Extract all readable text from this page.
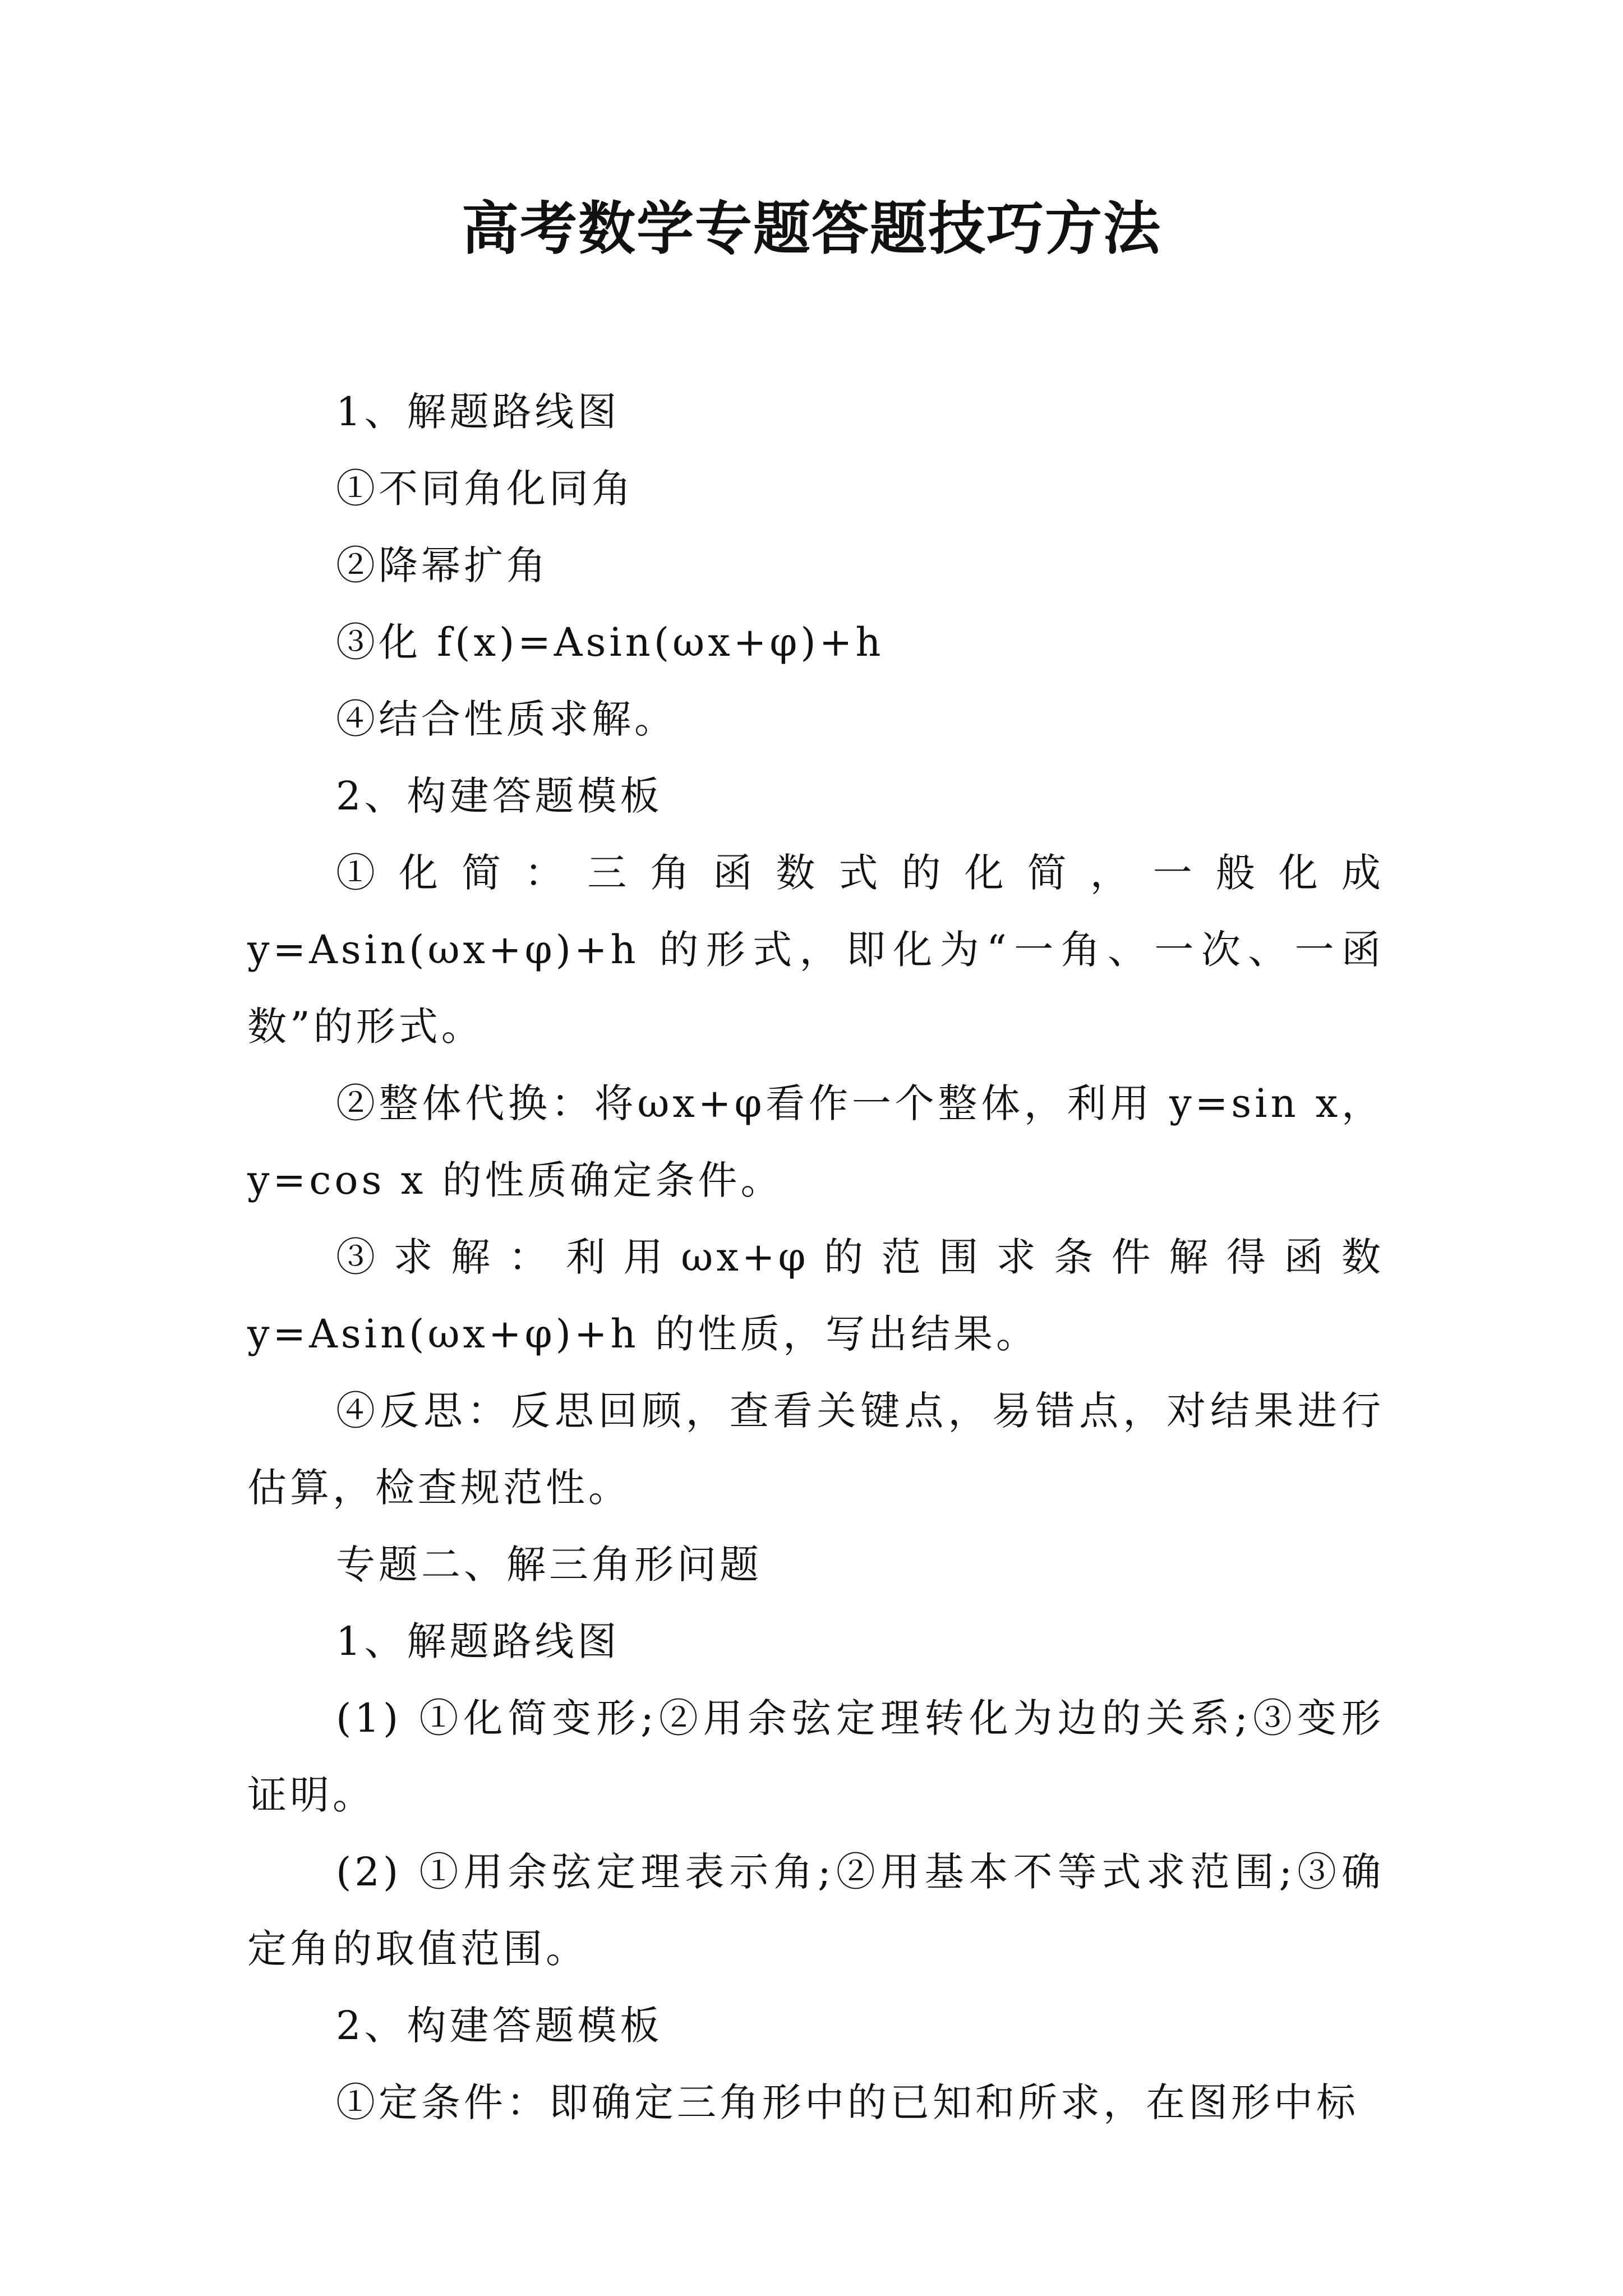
高考数学专题答题技巧方法

1、解题路线图

①不同角化同角

②降幂扩角

③化 f(x)=Asin(ωx+φ)+h

④结合性质求解。

2、构建答题模板

①化简：三角函数式的化简，一般化成 y=Asin(ωx+φ)+h 的形式，即化为“一角、一次、一函数”的形式。

②整体代换：将ωx+φ看作一个整体，利用 y=sin x，y=cos x 的性质确定条件。

③求解：利用ωx+φ的范围求条件解得函数 y=Asin(ωx+φ)+h 的性质，写出结果。

④反思：反思回顾，查看关键点，易错点，对结果进行估算，检查规范性。

专题二、解三角形问题

1、解题路线图

(1) ①化简变形;②用余弦定理转化为边的关系;③变形证明。

(2) ①用余弦定理表示角;②用基本不等式求范围;③确定角的取值范围。

2、构建答题模板

①定条件：即确定三角形中的已知和所求，在图形中标
